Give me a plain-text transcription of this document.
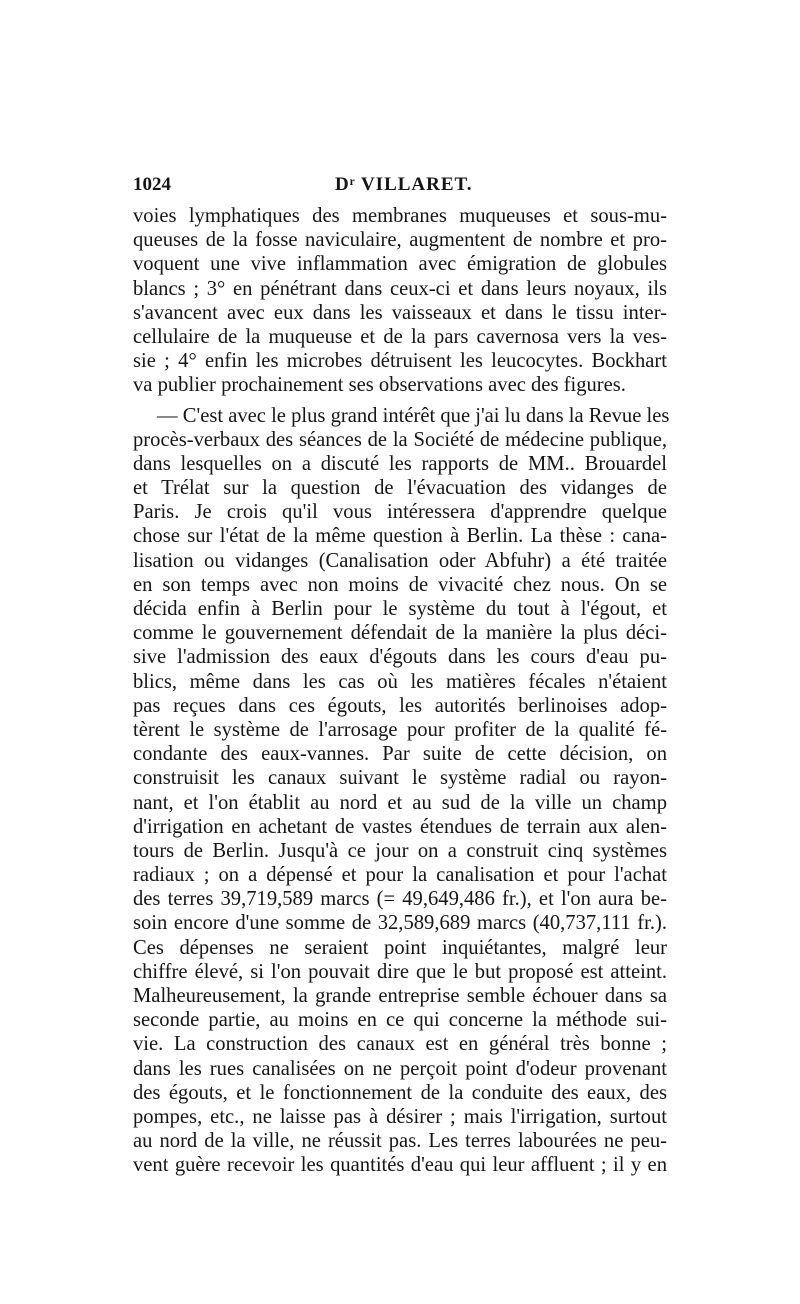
1024	Dʳ VILLARET.
voies lymphatiques des membranes muqueuses et sous-mu-
queuses de la fosse naviculaire, augmentent de nombre et pro-
voquent une vive inflammation avec émigration de globules
blancs ; 3° en pénétrant dans ceux-ci et dans leurs noyaux, ils
s'avancent avec eux dans les vaisseaux et dans le tissu inter-
cellulaire de la muqueuse et de la pars cavernosa vers la ves-
sie ; 4° enfin les microbes détruisent les leucocytes. Bockhart
va publier prochainement ses observations avec des figures.
— C'est avec le plus grand intérêt que j'ai lu dans la Revue les
procès-verbaux des séances de la Société de médecine publique,
dans lesquelles on a discuté les rapports de MM.. Brouardel
et Trélat sur la question de l'évacuation des vidanges de
Paris. Je crois qu'il vous intéressera d'apprendre quelque
chose sur l'état de la même question à Berlin. La thèse : cana-
lisation ou vidanges (Canalisation oder Abfuhr) a été traitée
en son temps avec non moins de vivacité chez nous. On se
décida enfin à Berlin pour le système du tout à l'égout, et
comme le gouvernement défendait de la manière la plus déci-
sive l'admission des eaux d'égouts dans les cours d'eau pu-
blics, même dans les cas où les matières fécales n'étaient
pas reçues dans ces égouts, les autorités berlinoises adop-
tèrent le système de l'arrosage pour profiter de la qualité fé-
condante des eaux-vannes. Par suite de cette décision, on
construisit les canaux suivant le système radial ou rayon-
nant, et l'on établit au nord et au sud de la ville un champ
d'irrigation en achetant de vastes étendues de terrain aux alen-
tours de Berlin. Jusqu'à ce jour on a construit cinq systèmes
radiaux ; on a dépensé et pour la canalisation et pour l'achat
des terres 39,719,589 marcs (= 49,649,486 fr.), et l'on aura be-
soin encore d'une somme de 32,589,689 marcs (40,737,111 fr.).
Ces dépenses ne seraient point inquiétantes, malgré leur
chiffre élevé, si l'on pouvait dire que le but proposé est atteint.
Malheureusement, la grande entreprise semble échouer dans sa
seconde partie, au moins en ce qui concerne la méthode sui-
vie. La construction des canaux est en général très bonne ;
dans les rues canalisées on ne perçoit point d'odeur provenant
des égouts, et le fonctionnement de la conduite des eaux, des
pompes, etc., ne laisse pas à désirer ; mais l'irrigation, surtout
au nord de la ville, ne réussit pas. Les terres labourées ne peu-
vent guère recevoir les quantités d'eau qui leur affluent ; il y en
